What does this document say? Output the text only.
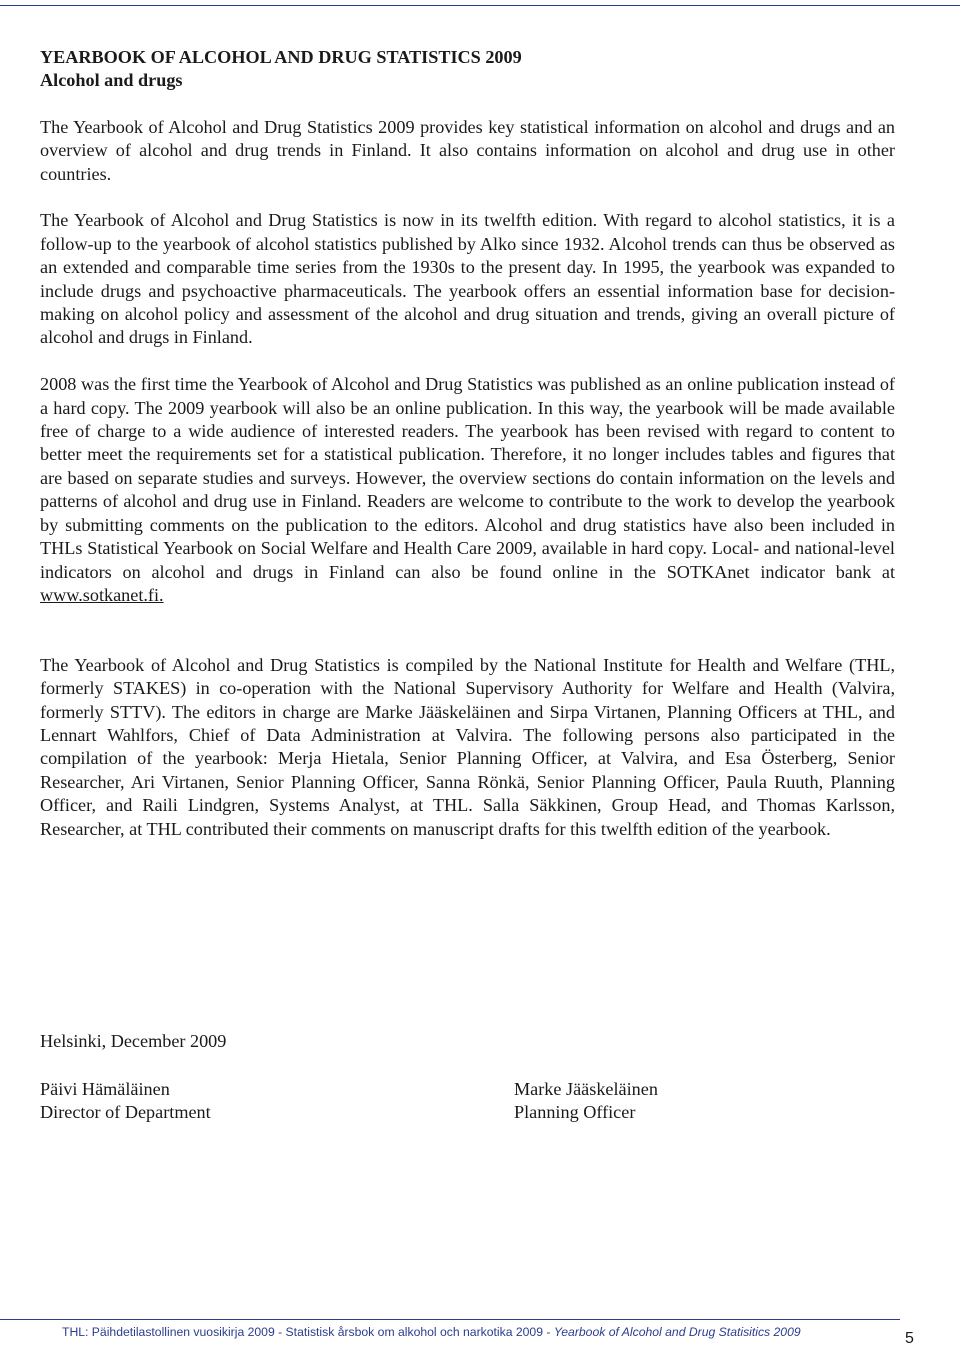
YEARBOOK OF ALCOHOL AND DRUG STATISTICS 2009

Alcohol and drugs

The Yearbook of Alcohol and Drug Statistics 2009 provides key statistical information on alcohol and drugs and an overview of alcohol and drug trends in Finland. It also contains information on alcohol and drug use in other countries.

The Yearbook of Alcohol and Drug Statistics is now in its twelfth edition. With regard to alcohol statistics, it is a follow-up to the yearbook of alcohol statistics published by Alko since 1932. Alcohol trends can thus be observed as an extended and comparable time series from the 1930s to the present day. In 1995, the yearbook was expanded to include drugs and psychoactive pharmaceuticals. The yearbook offers an essential information base for decision-making on alcohol policy and assessment of the alcohol and drug situation and trends, giving an overall picture of alcohol and drugs in Finland.

2008 was the first time the Yearbook of Alcohol and Drug Statistics was published as an online publication instead of a hard copy. The 2009 yearbook will also be an online publication. In this way, the yearbook will be made available free of charge to a wide audience of interested readers. The yearbook has been revised with regard to content to better meet the requirements set for a statistical publication. Therefore, it no longer includes tables and figures that are based on separate studies and surveys. However, the overview sections do contain information on the levels and patterns of alcohol and drug use in Finland. Readers are welcome to contribute to the work to develop the yearbook by submitting comments on the publication to the editors. Alcohol and drug statistics have also been included in THLs Statistical Yearbook on Social Welfare and Health Care 2009, available in hard copy. Local- and national-level indicators on alcohol and drugs in Finland can also be found online in the SOTKAnet indicator bank at www.sotkanet.fi.

The Yearbook of Alcohol and Drug Statistics is compiled by the National Institute for Health and Welfare (THL, formerly STAKES) in co-operation with the National Supervisory Authority for Welfare and Health (Valvira, formerly STTV). The editors in charge are Marke Jääskeläinen and Sirpa Virtanen, Planning Officers at THL, and Lennart Wahlfors, Chief of Data Administration at Valvira. The following persons also participated in the compilation of the yearbook: Merja Hietala, Senior Planning Officer, at Valvira, and Esa Österberg, Senior Researcher, Ari Virtanen, Senior Planning Officer, Sanna Rönkä, Senior Planning Officer, Paula Ruuth, Planning Officer, and Raili Lindgren, Systems Analyst, at THL. Salla Säkkinen, Group Head, and Thomas Karlsson, Researcher, at THL contributed their comments on manuscript drafts for this twelfth edition of the yearbook.

Helsinki, December 2009
Päivi Hämäläinen
Director of Department
Marke Jääskeläinen
Planning Officer
THL: Päihdetilastollinen vuosikirja 2009 - Statistisk årsbok om alkohol och narkotika 2009 - Yearbook of Alcohol and Drug Statisitics 2009	5
